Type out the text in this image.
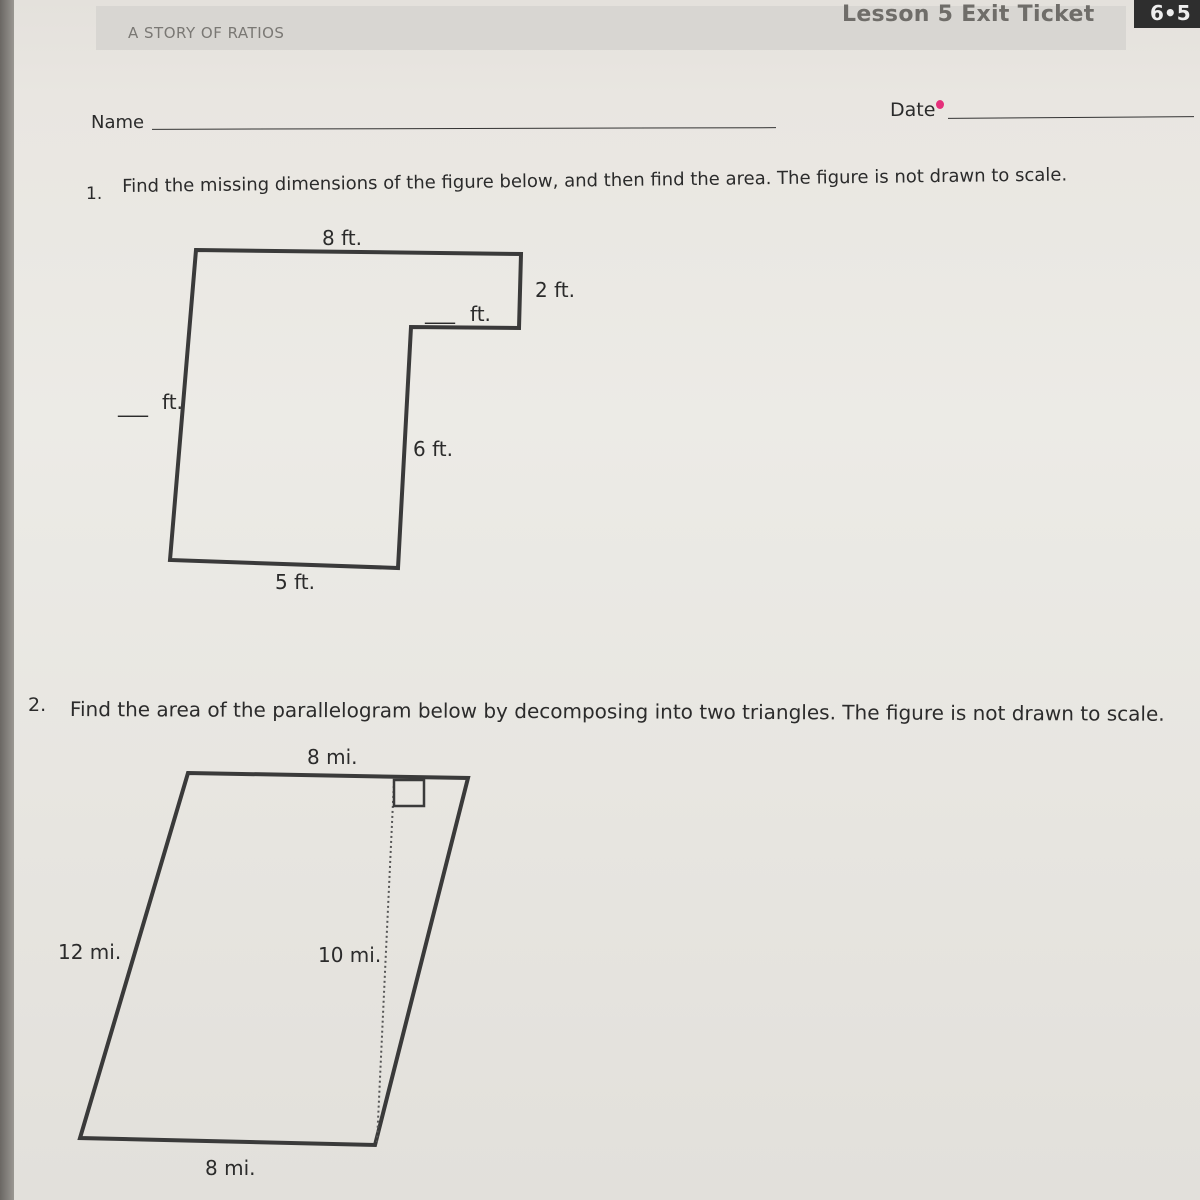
A STORY OF RATIOS
Lesson 5 Exit Ticket	6•5
Name
Date
1. Find the missing dimensions of the figure below, and then find the area. The figure is not drawn to scale.
8 ft.
2 ft.
___ ft.
___ ft.
6 ft.
5 ft.
2. Find the area of the parallelogram below by decomposing into two triangles. The figure is not drawn to scale.
8 mi.
12 mi.	10 mi.
8 mi.
